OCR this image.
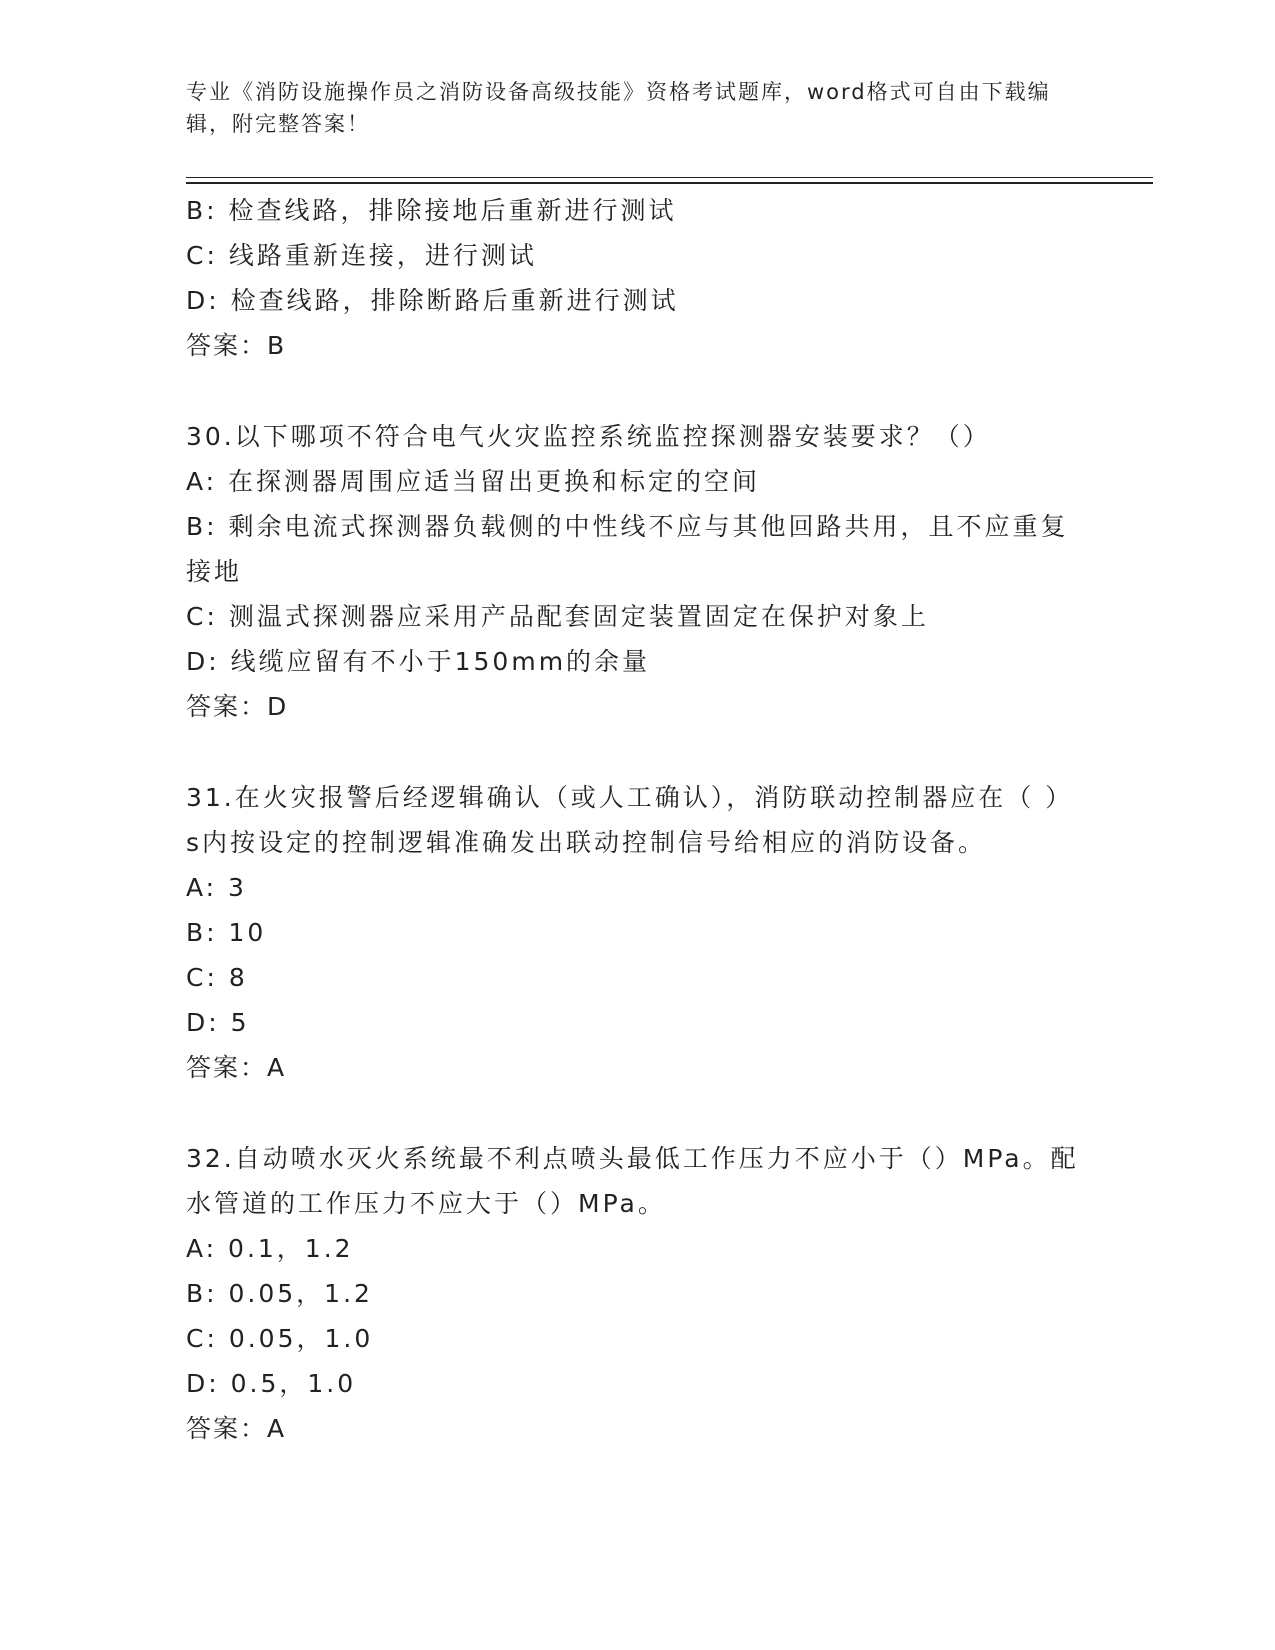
专业《消防设施操作员之消防设备高级技能》资格考试题库，word格式可自由下载编辑，附完整答案！
B: 检查线路，排除接地后重新进行测试
C: 线路重新连接，进行测试
D: 检查线路，排除断路后重新进行测试
答案：B
30.以下哪项不符合电气火灾监控系统监控探测器安装要求？（）
A: 在探测器周围应适当留出更换和标定的空间
B: 剩余电流式探测器负载侧的中性线不应与其他回路共用，且不应重复接地
C: 测温式探测器应采用产品配套固定装置固定在保护对象上
D: 线缆应留有不小于150mm的余量
答案：D
31.在火灾报警后经逻辑确认（或人工确认），消防联动控制器应在（ ）s内按设定的控制逻辑准确发出联动控制信号给相应的消防设备。
A: 3
B: 10
C: 8
D: 5
答案：A
32.自动喷水灭火系统最不利点喷头最低工作压力不应小于（）MPa。配水管道的工作压力不应大于（）MPa。
A: 0.1，1.2
B: 0.05，1.2
C: 0.05，1.0
D: 0.5，1.0
答案：A
